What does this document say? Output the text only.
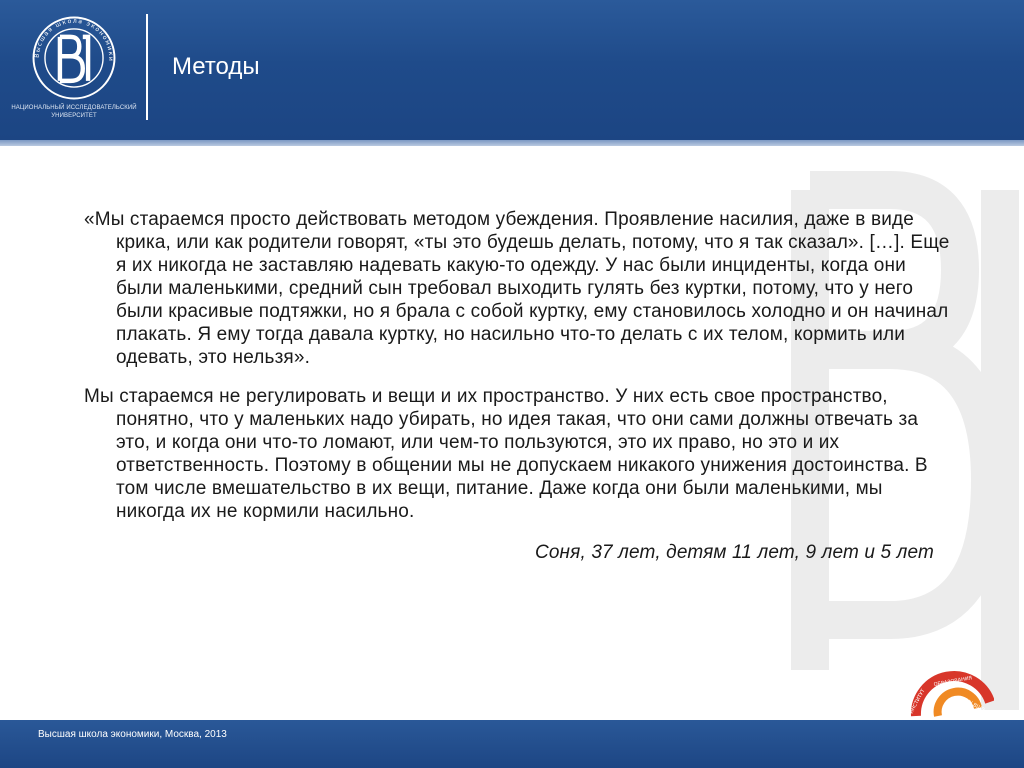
Высшая школа экономики
НАЦИОНАЛЬНЫЙ ИССЛЕДОВАТЕЛЬСКИЙ УНИВЕРСИТЕТ
Методы

«Мы стараемся просто действовать методом убеждения. Проявление насилия, даже в виде крика, или как родители говорят, «ты это будешь делать, потому, что я так сказал». […]. Еще я их никогда не заставляю надевать какую-то одежду. У нас были инциденты, когда они были маленькими, средний сын требовал выходить гулять без куртки, потому, что у него были красивые подтяжки, но я брала с собой куртку, ему становилось холодно и он начинал плакать. Я ему тогда давала куртку, но насильно что-то делать с их телом, кормить или одевать, это нельзя».

Мы стараемся не регулировать и вещи и их пространство. У них есть свое пространство, понятно, что у маленьких надо убирать, но идея такая, что они сами должны отвечать за это, и когда они что-то ломают, или чем-то пользуются, это их право, но это и их ответственность. Поэтому в общении мы не допускаем никакого унижения достоинства. В том числе вмешательство в их вещи, питание. Даже когда они были маленькими, мы никогда их не кормили насильно.

Соня, 37 лет, детям 11 лет, 9 лет и 5 лет
ИНСТИТУТ
ОБРАЗОВАНИЯ
НИУ ВШЭ
Высшая школа экономики, Москва, 2013
